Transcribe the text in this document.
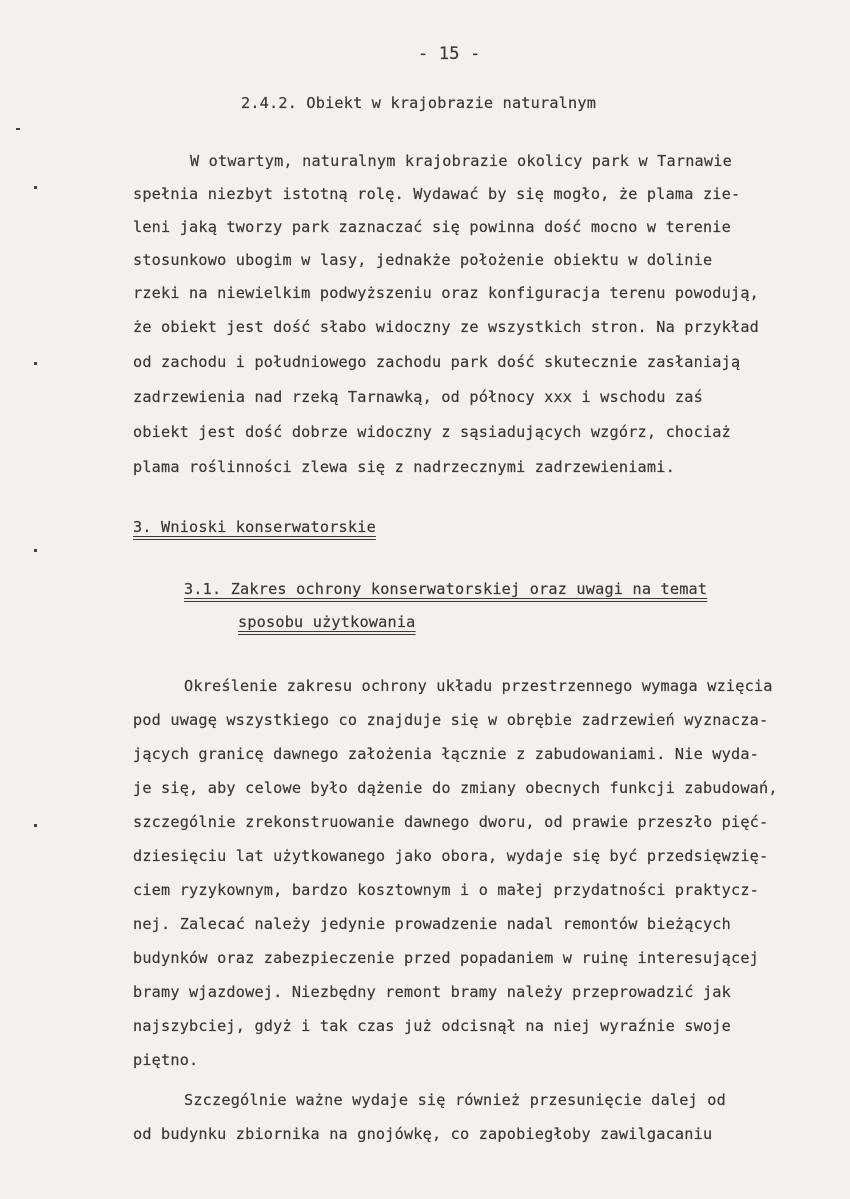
- 15 -
2.4.2. Obiekt w krajobrazie naturalnym
W otwartym, naturalnym krajobrazie okolicy park w Tarnawie
spełnia niezbyt istotną rolę. Wydawać by się mogło, że plama zie-
leni jaką tworzy park zaznaczać się powinna dość mocno w terenie
stosunkowo ubogim w lasy, jednakże położenie obiektu w dolinie
rzeki na niewielkim podwyższeniu oraz konfiguracja terenu powodują,
że obiekt jest dość słabo widoczny ze wszystkich stron. Na przykład
od zachodu i południowego zachodu park dość skutecznie zasłaniają
zadrzewienia nad rzeką Tarnawką, od północy xxx i wschodu zaś
obiekt jest dość dobrze widoczny z sąsiadujących wzgórz, chociaż
plama roślinności zlewa się z nadrzecznymi zadrzewieniami.
3. Wnioski konserwatorskie
3.1. Zakres ochrony konserwatorskiej oraz uwagi na temat
sposobu użytkowania
Określenie zakresu ochrony układu przestrzennego wymaga wzięcia
pod uwagę wszystkiego co znajduje się w obrębie zadrzewień wyznacza-
jących granicę dawnego założenia łącznie z zabudowaniami. Nie wyda-
je się, aby celowe było dążenie do zmiany obecnych funkcji zabudowań,
szczególnie zrekonstruowanie dawnego dworu, od prawie przeszło pięć-
dziesięciu lat użytkowanego jako obora, wydaje się być przedsięwzię-
ciem ryzykownym, bardzo kosztownym i o małej przydatności praktycz-
nej. Zalecać należy jedynie prowadzenie nadal remontów bieżących
budynków oraz zabezpieczenie przed popadaniem w ruinę interesującej
bramy wjazdowej. Niezbędny remont bramy należy przeprowadzić jak
najszybciej, gdyż i tak czas już odcisnął na niej wyraźnie swoje
piętno.
Szczególnie ważne wydaje się również przesunięcie dalej od
od budynku zbiornika na gnojówkę, co zapobiegłoby zawilgacaniu
